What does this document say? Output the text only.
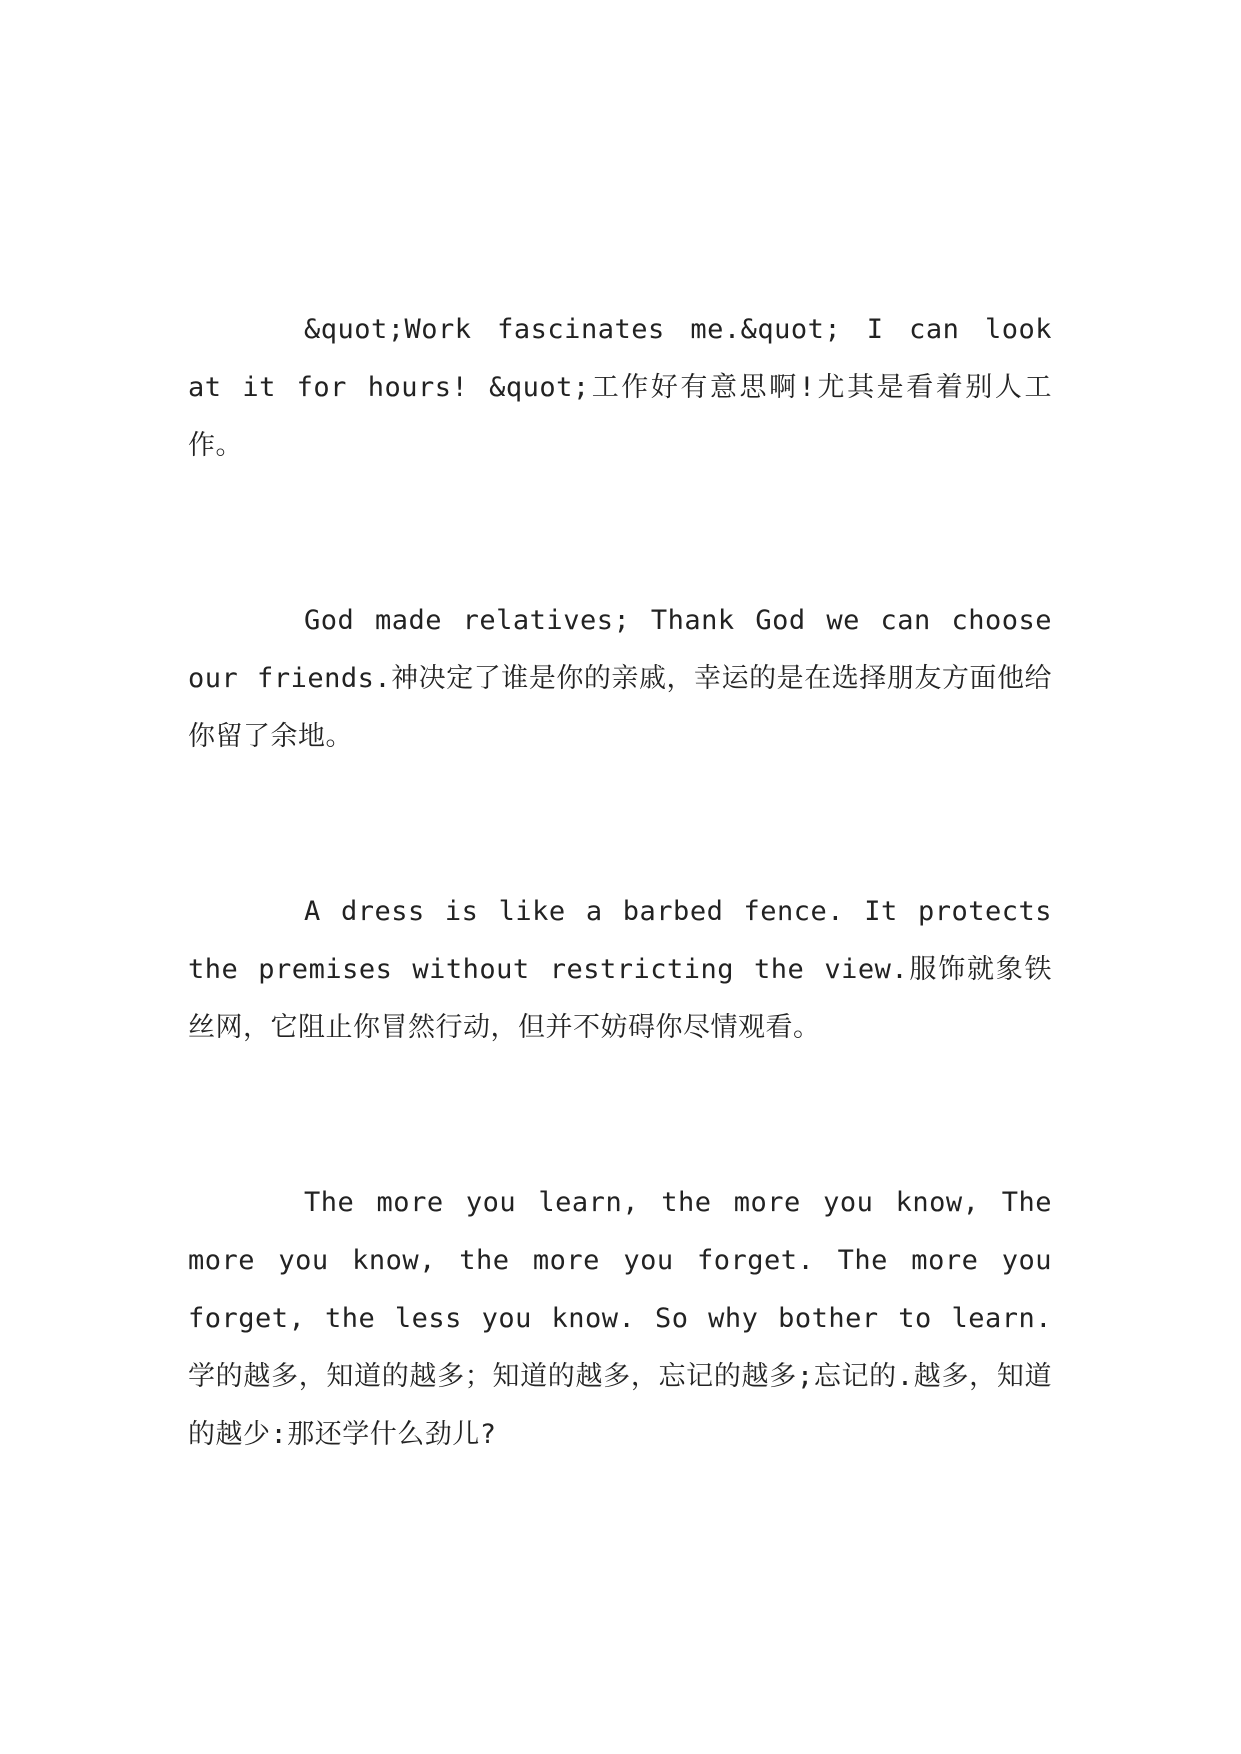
&quot;Work fascinates me.&quot; I can look at it for hours! &quot;工作好有意思啊!尤其是看着别人工作。

God made relatives; Thank God we can choose our friends.神决定了谁是你的亲戚，幸运的是在选择朋友方面他给你留了余地。

A dress is like a barbed fence. It protects the premises without restricting the view.服饰就象铁丝网，它阻止你冒然行动，但并不妨碍你尽情观看。

The more you learn, the more you know, The more you know, the more you forget. The more you forget, the less you know. So why bother to learn.学的越多，知道的越多；知道的越多，忘记的越多;忘记的.越多，知道的越少:那还学什么劲儿?
